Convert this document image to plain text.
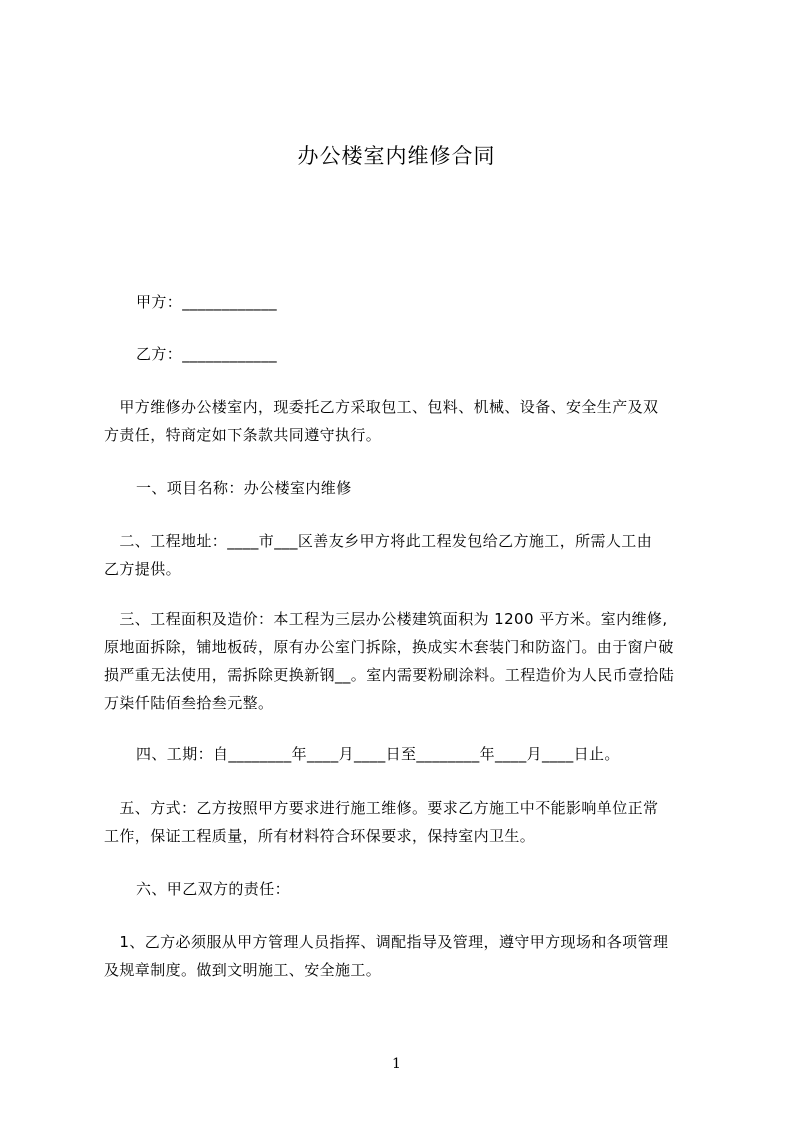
办公楼室内维修合同
甲方：____________
乙方：____________
　甲方维修办公楼室内，现委托乙方采取包工、包料、机械、设备、安全生产及双
方责任，特商定如下条款共同遵守执行。
一、项目名称：办公楼室内维修
　二、工程地址：____市___区善友乡甲方将此工程发包给乙方施工，所需人工由
乙方提供。
　三、工程面积及造价：本工程为三层办公楼建筑面积为 1200 平方米。室内维修,
原地面拆除，铺地板砖，原有办公室门拆除，换成实木套装门和防盗门。由于窗户破
损严重无法使用，需拆除更换新钢__。室内需要粉刷涂料。工程造价为人民币壹拾陆
万柒仟陆佰叁拾叁元整。
四、工期：自________年____月____日至________年____月____日止。
　五、方式：乙方按照甲方要求进行施工维修。要求乙方施工中不能影响单位正常
工作，保证工程质量，所有材料符合环保要求，保持室内卫生。
六、甲乙双方的责任：
　1、乙方必须服从甲方管理人员指挥、调配指导及管理，遵守甲方现场和各项管理
及规章制度。做到文明施工、安全施工。
1
